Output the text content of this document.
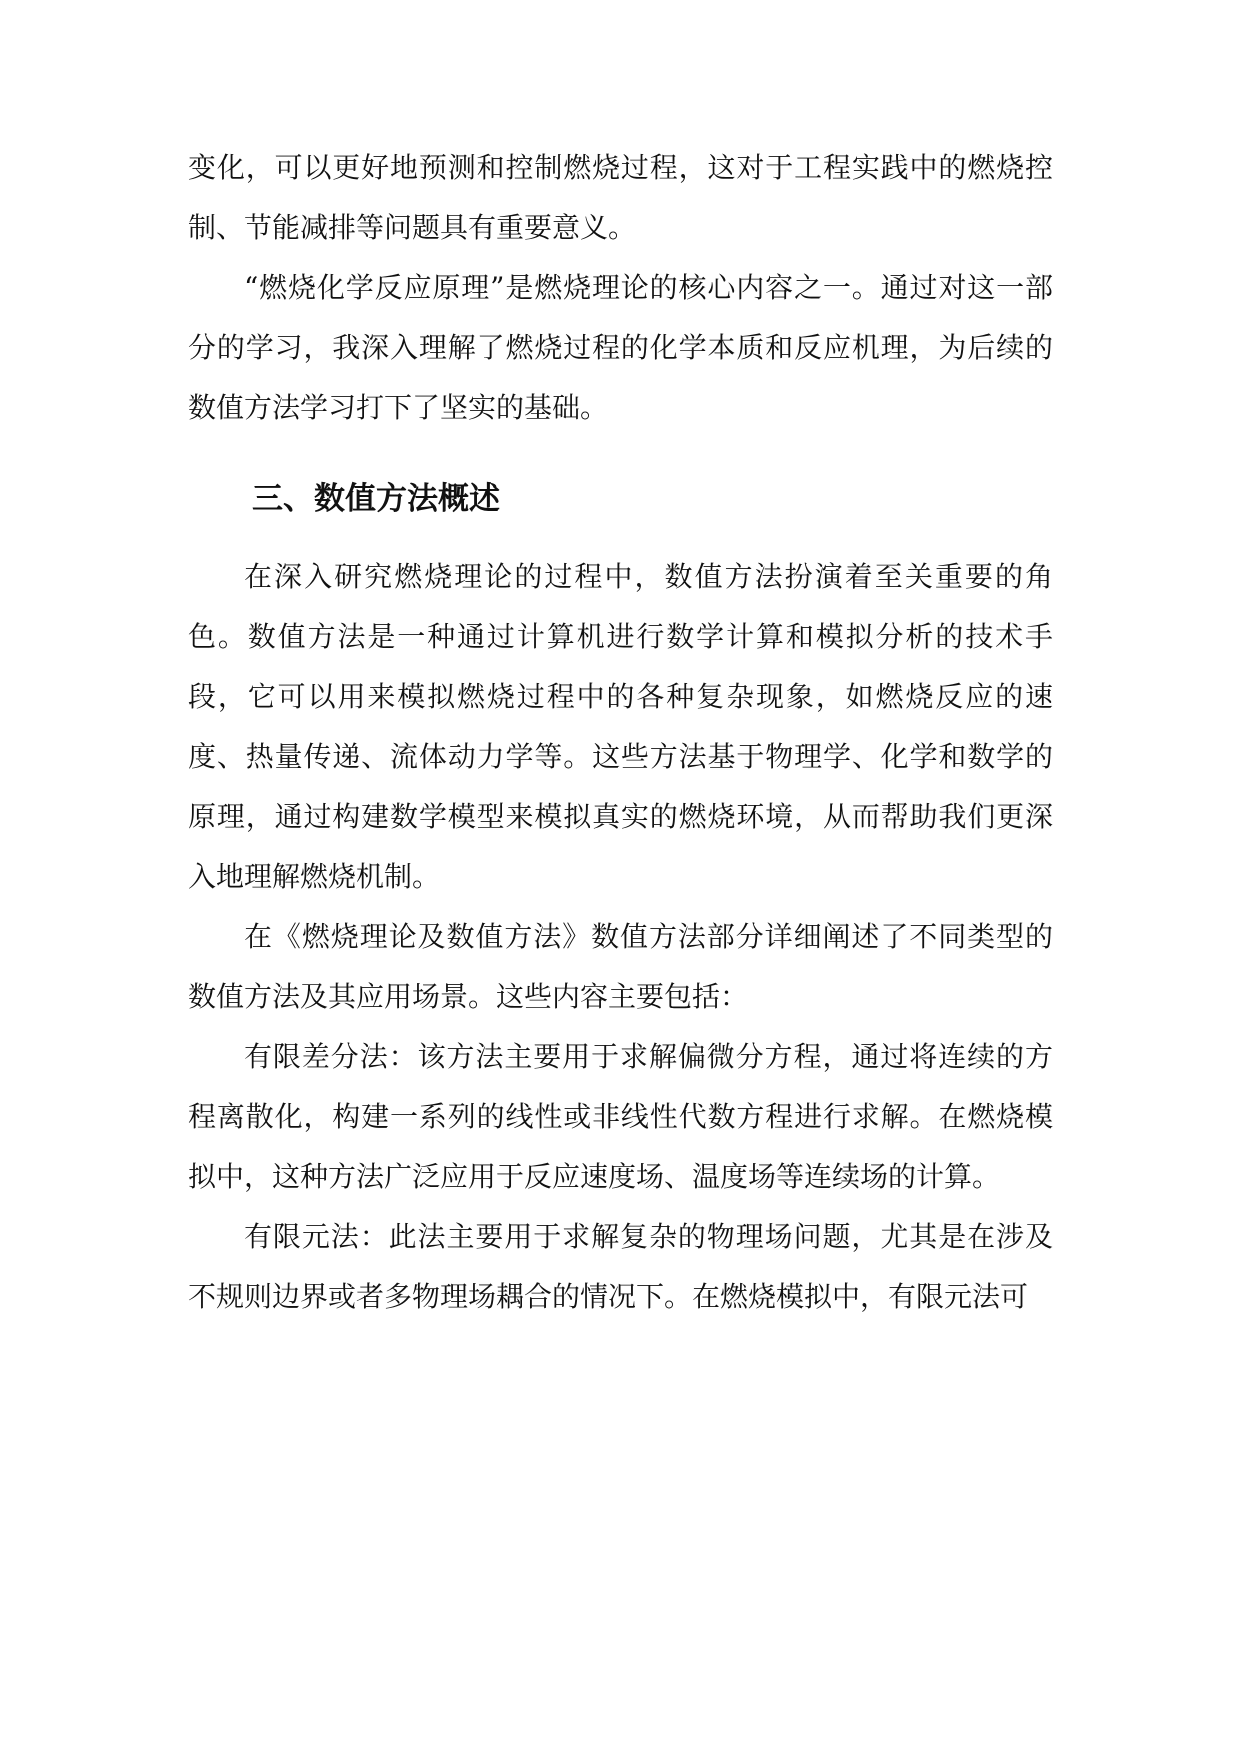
变化，可以更好地预测和控制燃烧过程，这对于工程实践中的燃烧控制、节能减排等问题具有重要意义。

“燃烧化学反应原理”是燃烧理论的核心内容之一。通过对这一部分的学习，我深入理解了燃烧过程的化学本质和反应机理，为后续的数值方法学习打下了坚实的基础。

三、数值方法概述

在深入研究燃烧理论的过程中，数值方法扮演着至关重要的角色。数值方法是一种通过计算机进行数学计算和模拟分析的技术手段，它可以用来模拟燃烧过程中的各种复杂现象，如燃烧反应的速度、热量传递、流体动力学等。这些方法基于物理学、化学和数学的原理，通过构建数学模型来模拟真实的燃烧环境，从而帮助我们更深入地理解燃烧机制。

在《燃烧理论及数值方法》数值方法部分详细阐述了不同类型的数值方法及其应用场景。这些内容主要包括：

有限差分法：该方法主要用于求解偏微分方程，通过将连续的方程离散化，构建一系列的线性或非线性代数方程进行求解。在燃烧模拟中，这种方法广泛应用于反应速度场、温度场等连续场的计算。

有限元法：此法主要用于求解复杂的物理场问题，尤其是在涉及不规则边界或者多物理场耦合的情况下。在燃烧模拟中，有限元法可
